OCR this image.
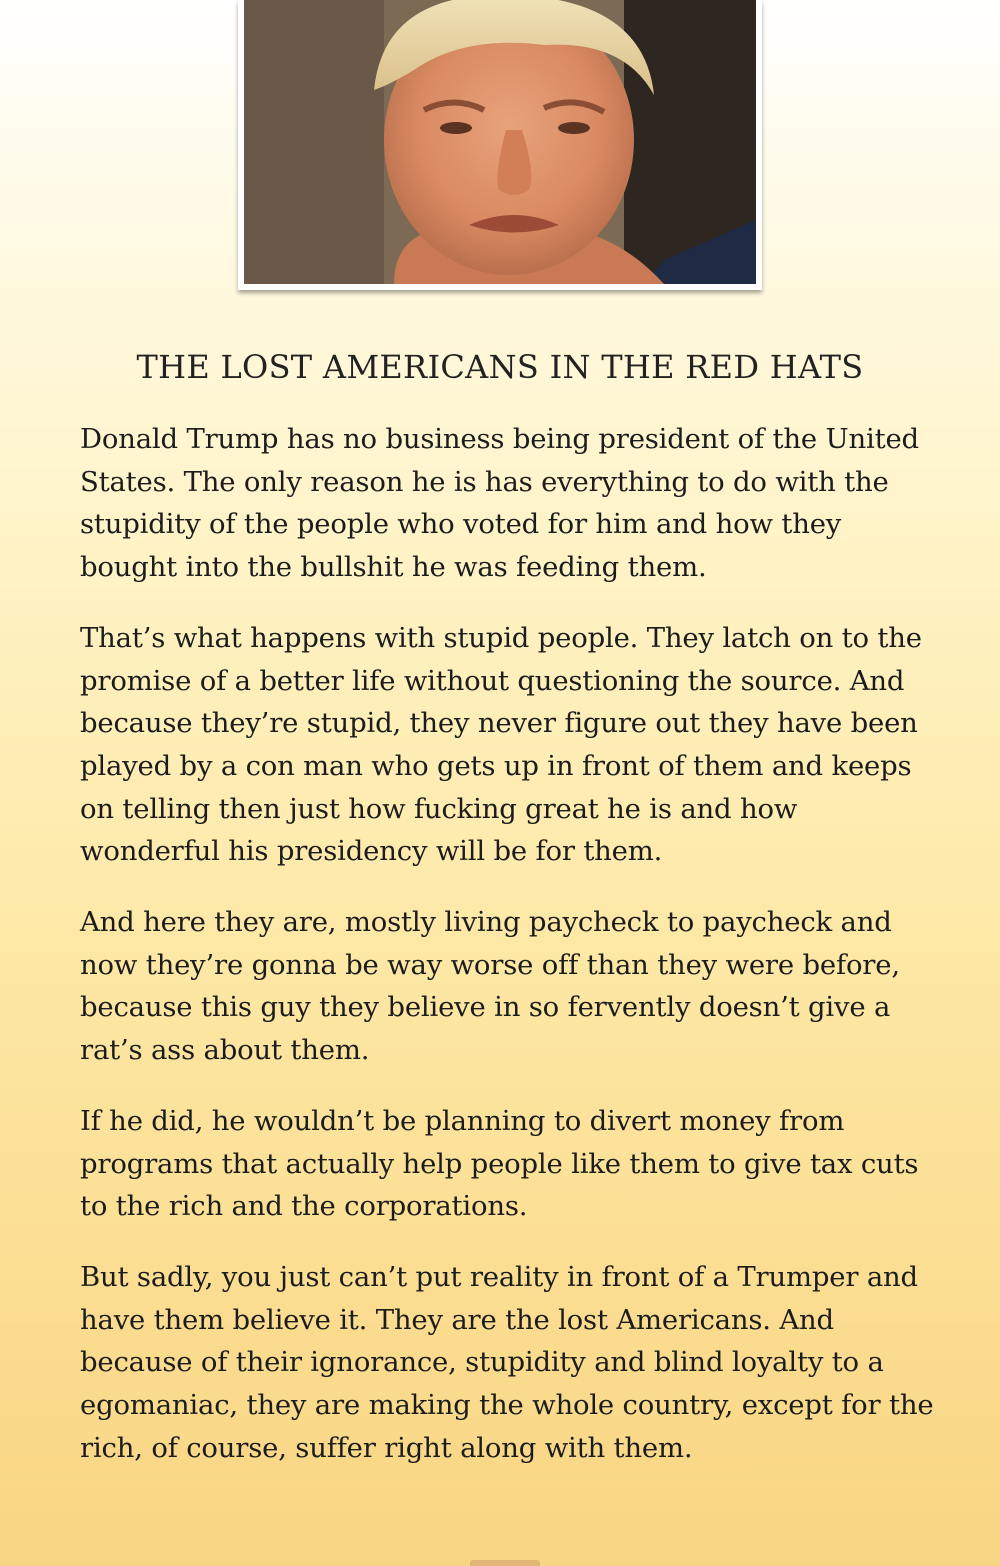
THE LOST AMERICANS IN THE RED HATS

Donald Trump has no business being president of the United States. The only reason he is has everything to do with the stupidity of the people who voted for him and how they bought into the bullshit he was feeding them.

That’s what happens with stupid people. They latch on to the promise of a better life without questioning the source. And because they’re stupid, they never figure out they have been played by a con man who gets up in front of them and keeps on telling then just how fucking great he is and how wonderful his presidency will be for them.

And here they are, mostly living paycheck to paycheck and now they’re gonna be way worse off than they were before, because this guy they believe in so fervently doesn’t give a rat’s ass about them.

If he did, he wouldn’t be planning to divert money from programs that actually help people like them to give tax cuts to the rich and the corporations.

But sadly, you just can’t put reality in front of a Trumper and have them believe it. They are the lost Americans. And because of their ignorance, stupidity and blind loyalty to a egomaniac, they are making the whole country, except for the rich, of course, suffer right along with them.
